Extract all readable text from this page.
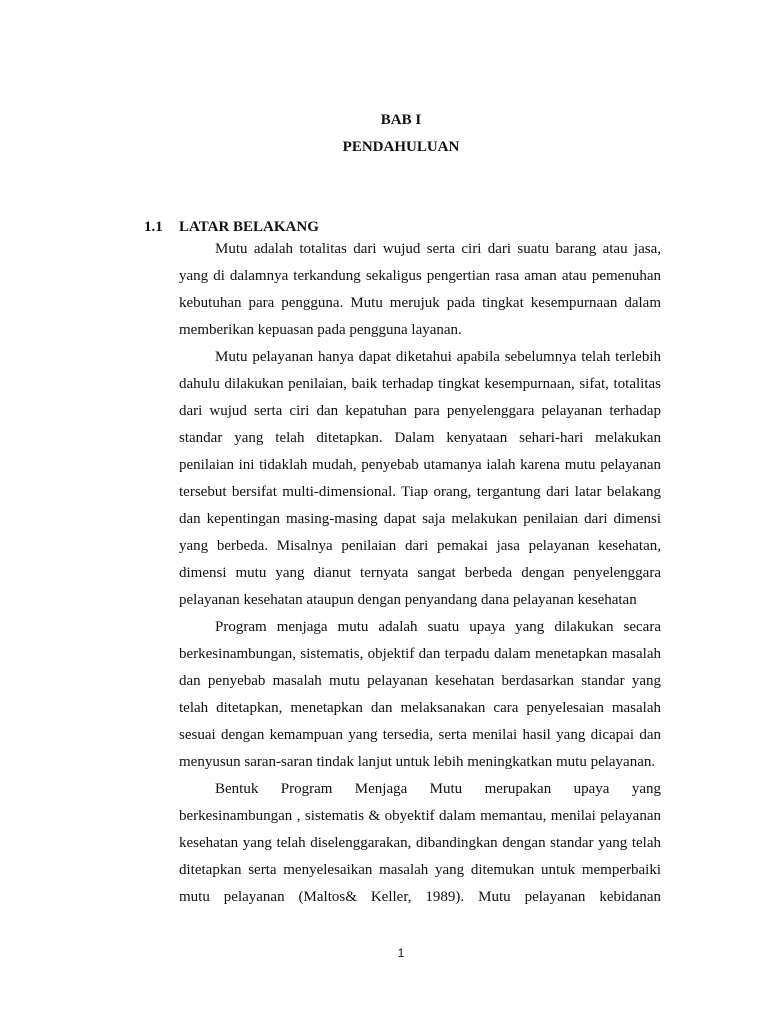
BAB I
PENDAHULUAN
1.1 LATAR BELAKANG
Mutu adalah totalitas dari wujud serta ciri dari suatu barang atau jasa,
yang di dalamnya terkandung sekaligus pengertian rasa aman atau pemenuhan
kebutuhan para pengguna. Mutu merujuk pada tingkat kesempurnaan dalam
memberikan kepuasan pada pengguna layanan.
Mutu pelayanan hanya dapat diketahui apabila sebelumnya telah terlebih
dahulu dilakukan penilaian, baik terhadap tingkat kesempurnaan, sifat, totalitas
dari wujud serta ciri dan kepatuhan para penyelenggara pelayanan terhadap
standar yang telah ditetapkan. Dalam kenyataan sehari-hari melakukan
penilaian ini tidaklah mudah, penyebab utamanya ialah karena mutu pelayanan
tersebut bersifat multi-dimensional. Tiap orang, tergantung dari latar belakang
dan kepentingan masing-masing dapat saja melakukan penilaian dari dimensi
yang berbeda. Misalnya penilaian dari pemakai jasa pelayanan kesehatan,
dimensi mutu yang dianut ternyata sangat berbeda dengan penyelenggara
pelayanan kesehatan ataupun dengan penyandang dana pelayanan kesehatan
Program menjaga mutu adalah suatu upaya yang dilakukan secara
berkesinambungan, sistematis, objektif dan terpadu dalam menetapkan masalah
dan penyebab masalah mutu pelayanan kesehatan berdasarkan standar yang
telah ditetapkan, menetapkan dan melaksanakan cara penyelesaian masalah
sesuai dengan kemampuan yang tersedia, serta menilai hasil yang dicapai dan
menyusun saran-saran tindak lanjut untuk lebih meningkatkan mutu pelayanan.
Bentuk Program Menjaga Mutu merupakan upaya yang
berkesinambungan , sistematis & obyektif dalam memantau, menilai pelayanan
kesehatan yang telah diselenggarakan, dibandingkan dengan standar yang telah
ditetapkan serta menyelesaikan masalah yang ditemukan untuk memperbaiki
mutu pelayanan (Maltos& Keller, 1989). Mutu pelayanan kebidanan
1
